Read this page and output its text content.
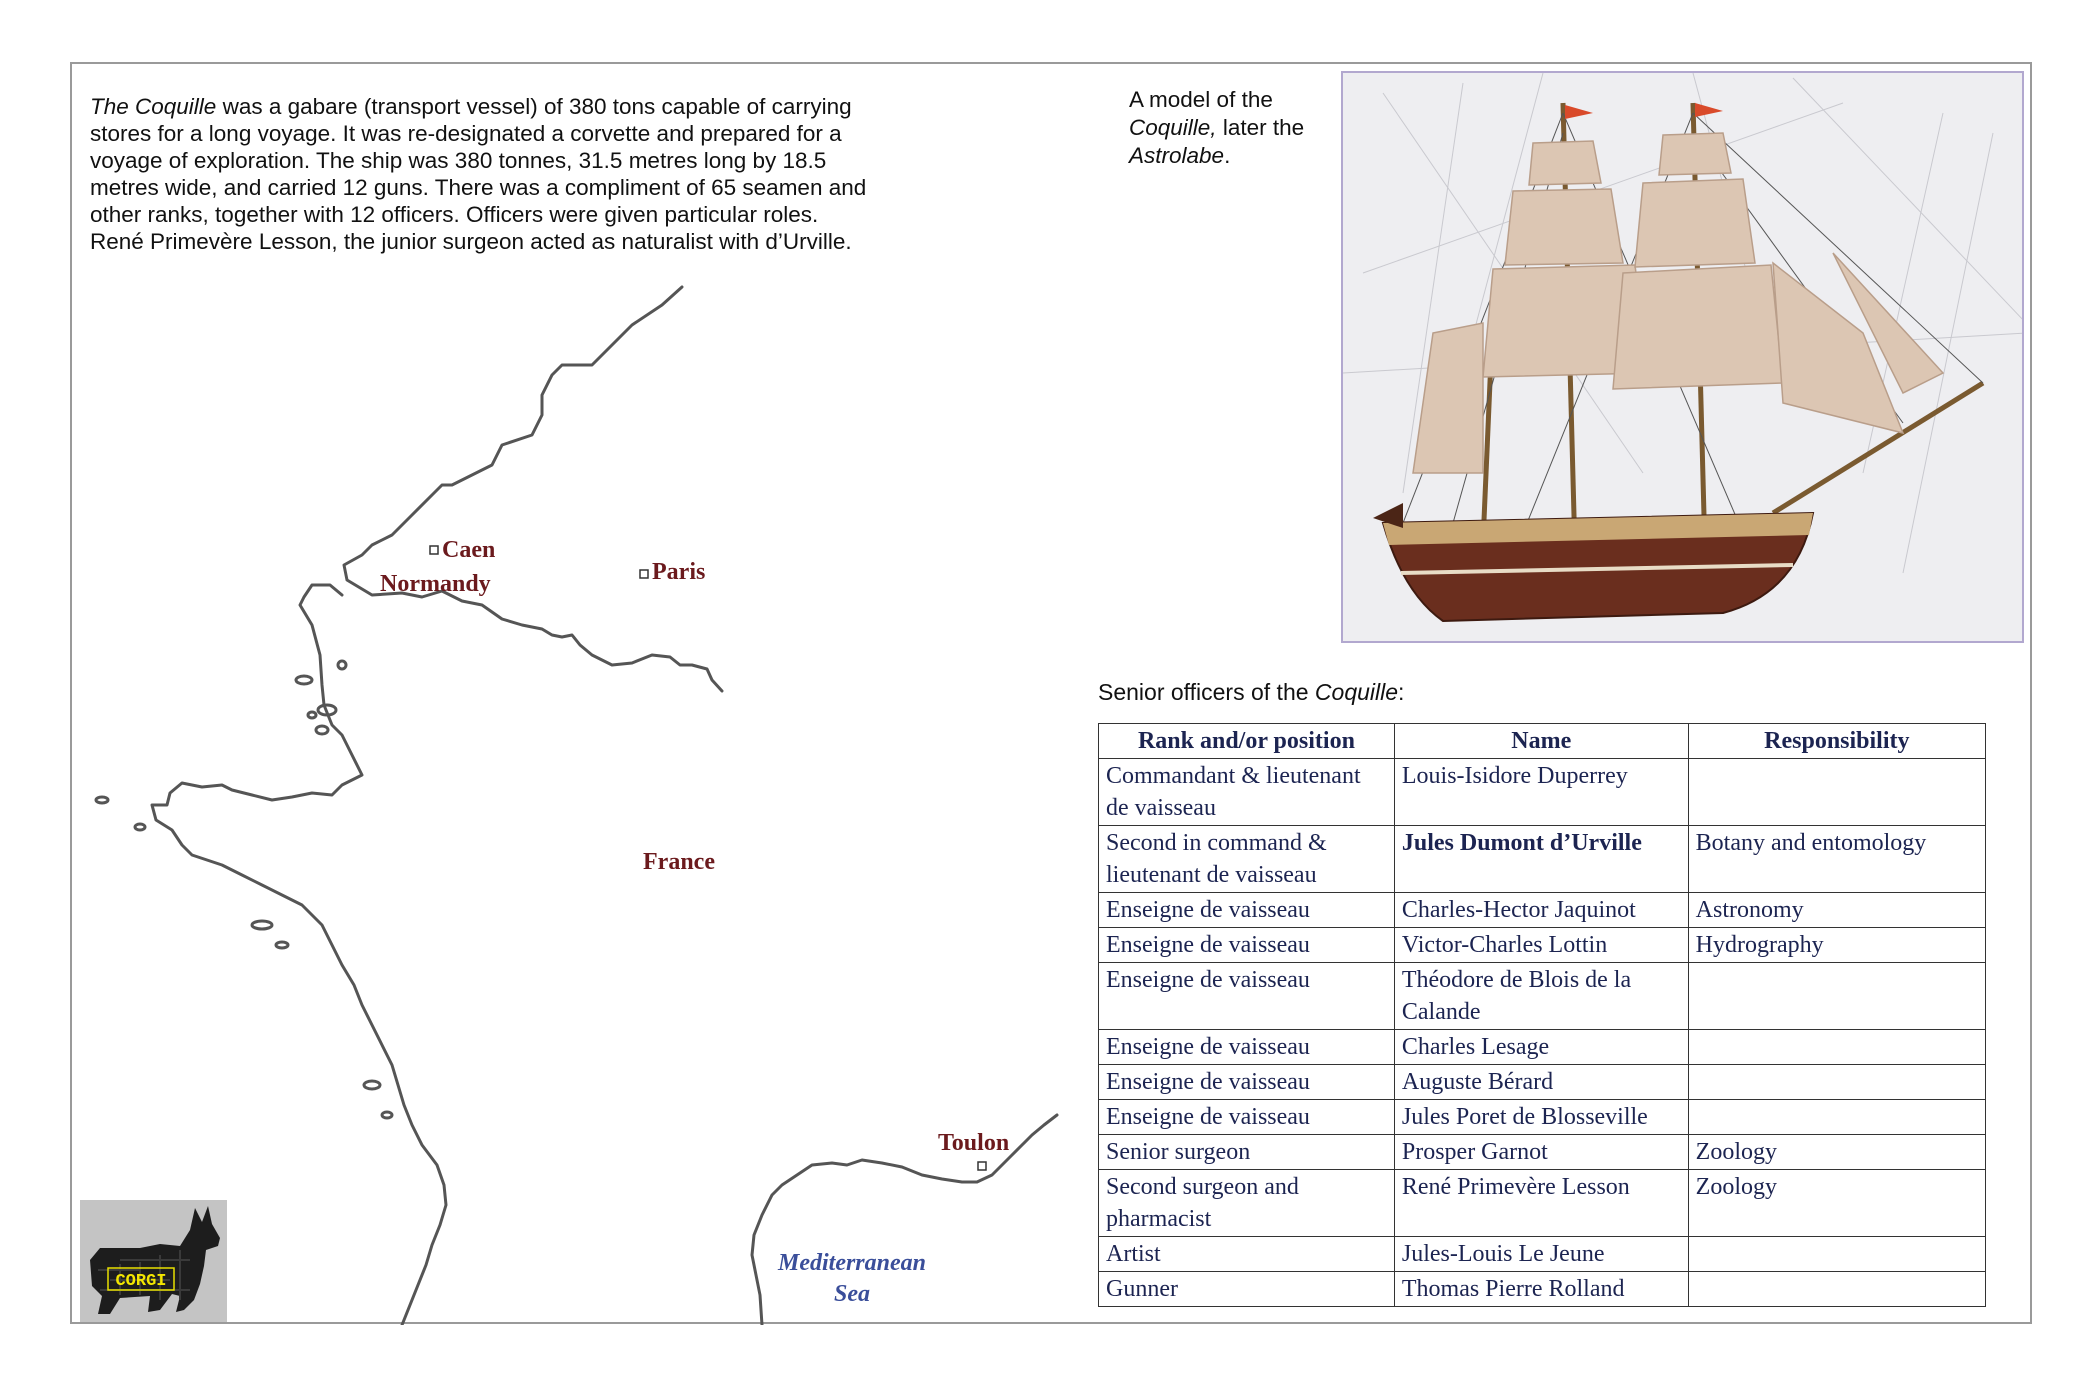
The Coquille was a gabare (transport vessel) of 380 tons capable of carrying stores for a long voyage. It was re-designated a corvette and prepared for a voyage of exploration. The ship was 380 tonnes, 31.5 metres long by 18.5 metres wide, and carried 12 guns. There was a compliment of 65 seamen and other ranks, together with 12 officers. Officers were given particular roles. René Primevère Lesson, the junior surgeon acted as naturalist with d’Urville.
A model of the
Coquille, later the
Astrolabe.
Caen
Normandy	Paris
France
Toulon
Mediterranean
Sea
CORGI
Senior officers of the Coquille:
Rank and/or position	Name	Responsibility
Commandant & lieutenant de vaisseau	Louis-Isidore Duperrey	
Second in command & lieutenant de vaisseau	Jules Dumont d’Urville	Botany and entomology
Enseigne de vaisseau	Charles-Hector Jaquinot	Astronomy
Enseigne de vaisseau	Victor-Charles Lottin	Hydrography
Enseigne de vaisseau	Théodore de Blois de la Calande	
Enseigne de vaisseau	Charles Lesage	
Enseigne de vaisseau	Auguste Bérard	
Enseigne de vaisseau	Jules Poret de Blosseville	
Senior surgeon	Prosper Garnot	Zoology
Second surgeon and pharmacist	René Primevère Lesson	Zoology
Artist	Jules-Louis Le Jeune	
Gunner	Thomas Pierre Rolland	
